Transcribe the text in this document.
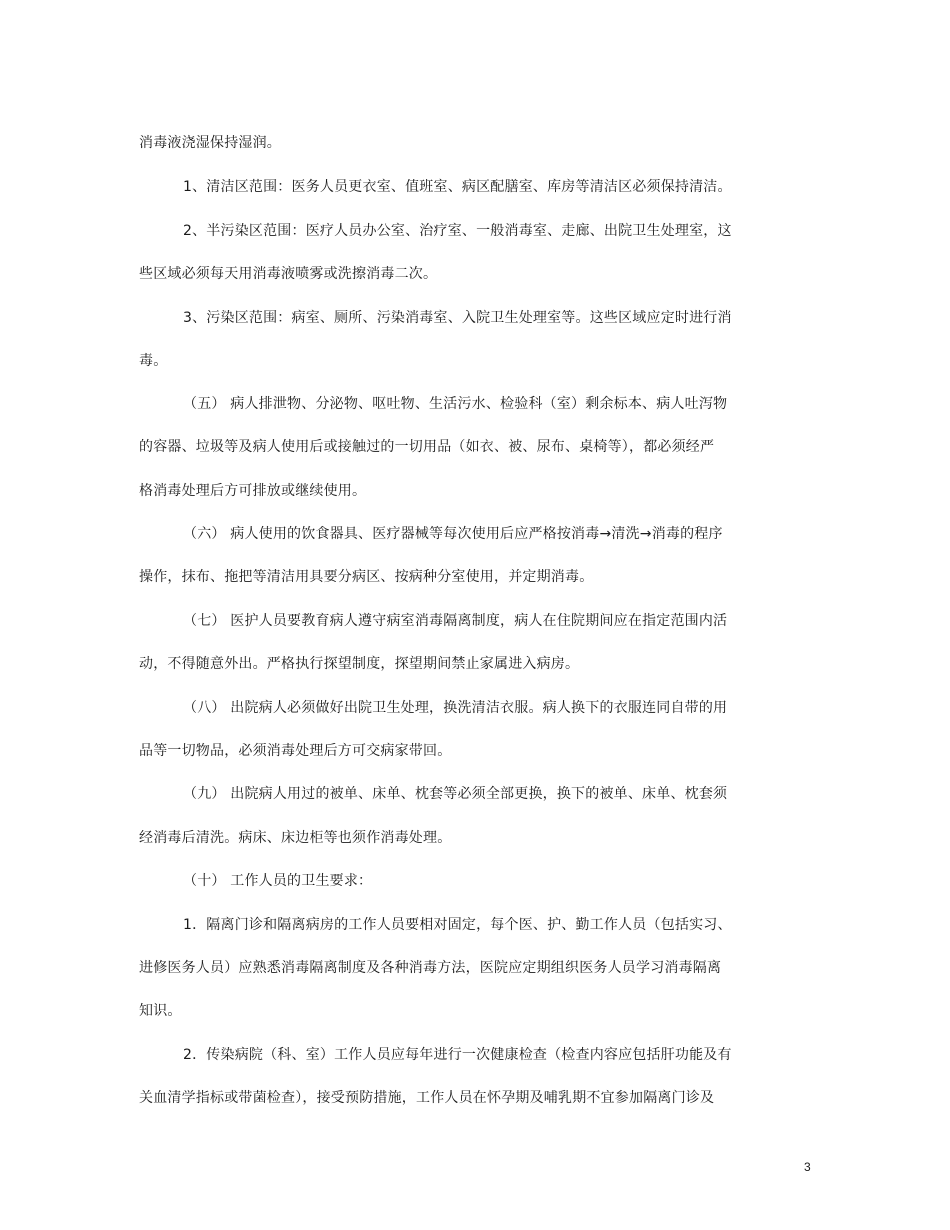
消毒液浇湿保持湿润。
1、清洁区范围：医务人员更衣室、值班室、病区配膳室、库房等清洁区必须保持清洁。
2、半污染区范围：医疗人员办公室、治疗室、一般消毒室、走廊、出院卫生处理室，这
些区域必须每天用消毒液喷雾或洗擦消毒二次。
3、污染区范围：病室、厕所、污染消毒室、入院卫生处理室等。这些区域应定时进行消
毒。
（五） 病人排泄物、分泌物、呕吐物、生活污水、检验科（室）剩余标本、病人吐泻物
的容器、垃圾等及病人使用后或接触过的一切用品（如衣、被、尿布、桌椅等），都必须经严
格消毒处理后方可排放或继续使用。
（六） 病人使用的饮食器具、医疗器械等每次使用后应严格按消毒→清洗→消毒的程序
操作，抹布、拖把等清洁用具要分病区、按病种分室使用，并定期消毒。
（七） 医护人员要教育病人遵守病室消毒隔离制度，病人在住院期间应在指定范围内活
动，不得随意外出。严格执行探望制度，探望期间禁止家属进入病房。
（八） 出院病人必须做好出院卫生处理，换洗清洁衣服。病人换下的衣服连同自带的用
品等一切物品，必须消毒处理后方可交病家带回。
（九） 出院病人用过的被单、床单、枕套等必须全部更换，换下的被单、床单、枕套须
经消毒后清洗。病床、床边柜等也须作消毒处理。
（十） 工作人员的卫生要求：
1．隔离门诊和隔离病房的工作人员要相对固定，每个医、护、勤工作人员（包括实习、
进修医务人员）应熟悉消毒隔离制度及各种消毒方法，医院应定期组织医务人员学习消毒隔离
知识。
2．传染病院（科、室）工作人员应每年进行一次健康检查（检查内容应包括肝功能及有
关血清学指标或带菌检查），接受预防措施，工作人员在怀孕期及哺乳期不宜参加隔离门诊及
3
